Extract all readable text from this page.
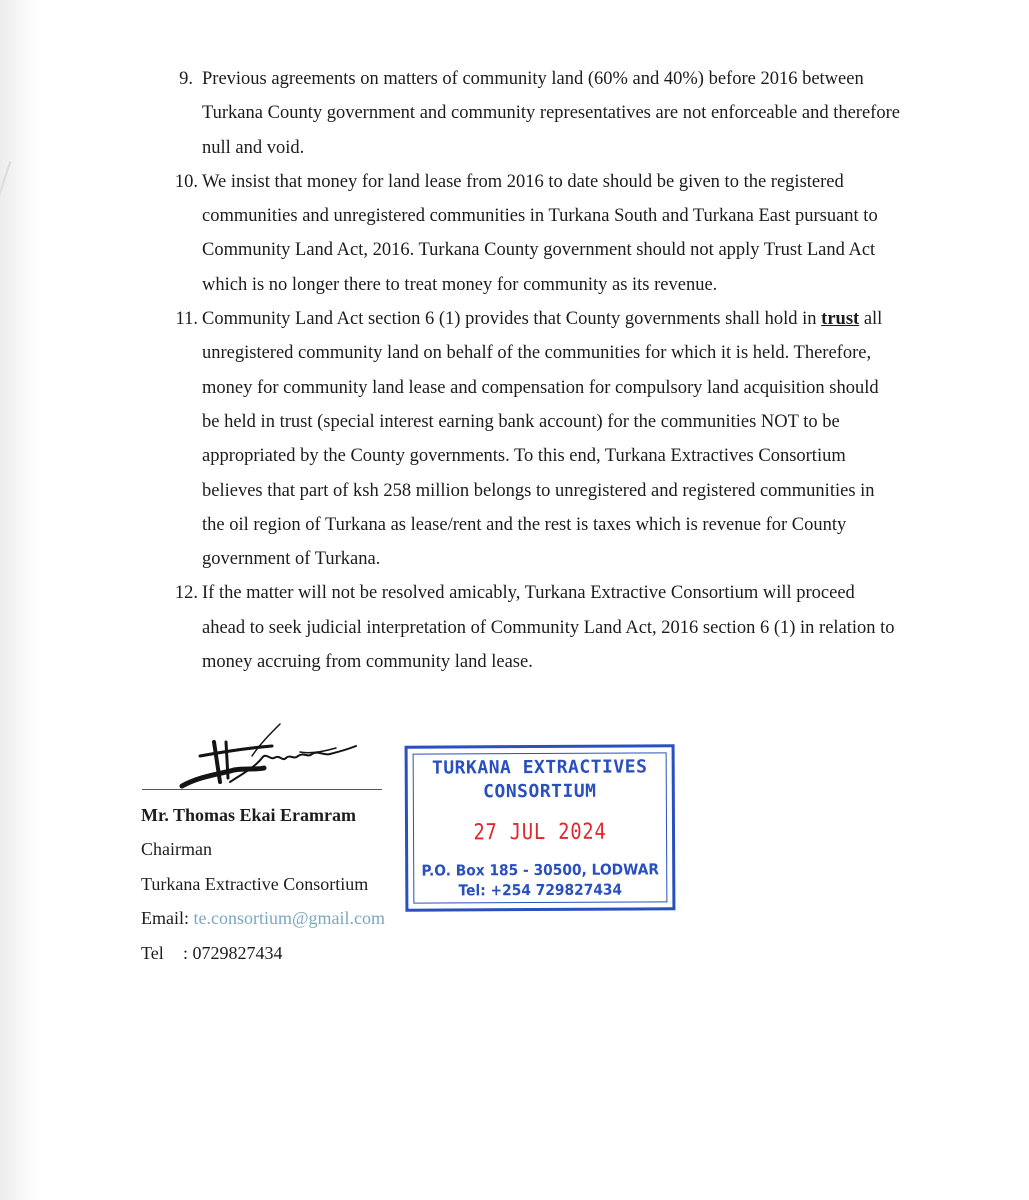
9. Previous agreements on matters of community land (60% and 40%) before 2016 between Turkana County government and community representatives are not enforceable and therefore null and void.
10. We insist that money for land lease from 2016 to date should be given to the registered communities and unregistered communities in Turkana South and Turkana East pursuant to Community Land Act, 2016. Turkana County government should not apply Trust Land Act which is no longer there to treat money for community as its revenue.
11. Community Land Act section 6 (1) provides that County governments shall hold in trust all unregistered community land on behalf of the communities for which it is held. Therefore, money for community land lease and compensation for compulsory land acquisition should be held in trust (special interest earning bank account) for the communities NOT to be appropriated by the County governments. To this end, Turkana Extractives Consortium believes that part of ksh 258 million belongs to unregistered and registered communities in the oil region of Turkana as lease/rent and the rest is taxes which is revenue for County government of Turkana.
12. If the matter will not be resolved amicably, Turkana Extractive Consortium will proceed ahead to seek judicial interpretation of Community Land Act, 2016 section 6 (1) in relation to money accruing from community land lease.
Mr. Thomas Ekai Eramram
Chairman
Turkana Extractive Consortium
Email: te.consortium@gmail.com
Tel : 0729827434
TURKANA EXTRACTIVES
CONSORTIUM
27 JUL 2024
P.O. Box 185 - 30500, LODWAR
Tel: +254 729827434
